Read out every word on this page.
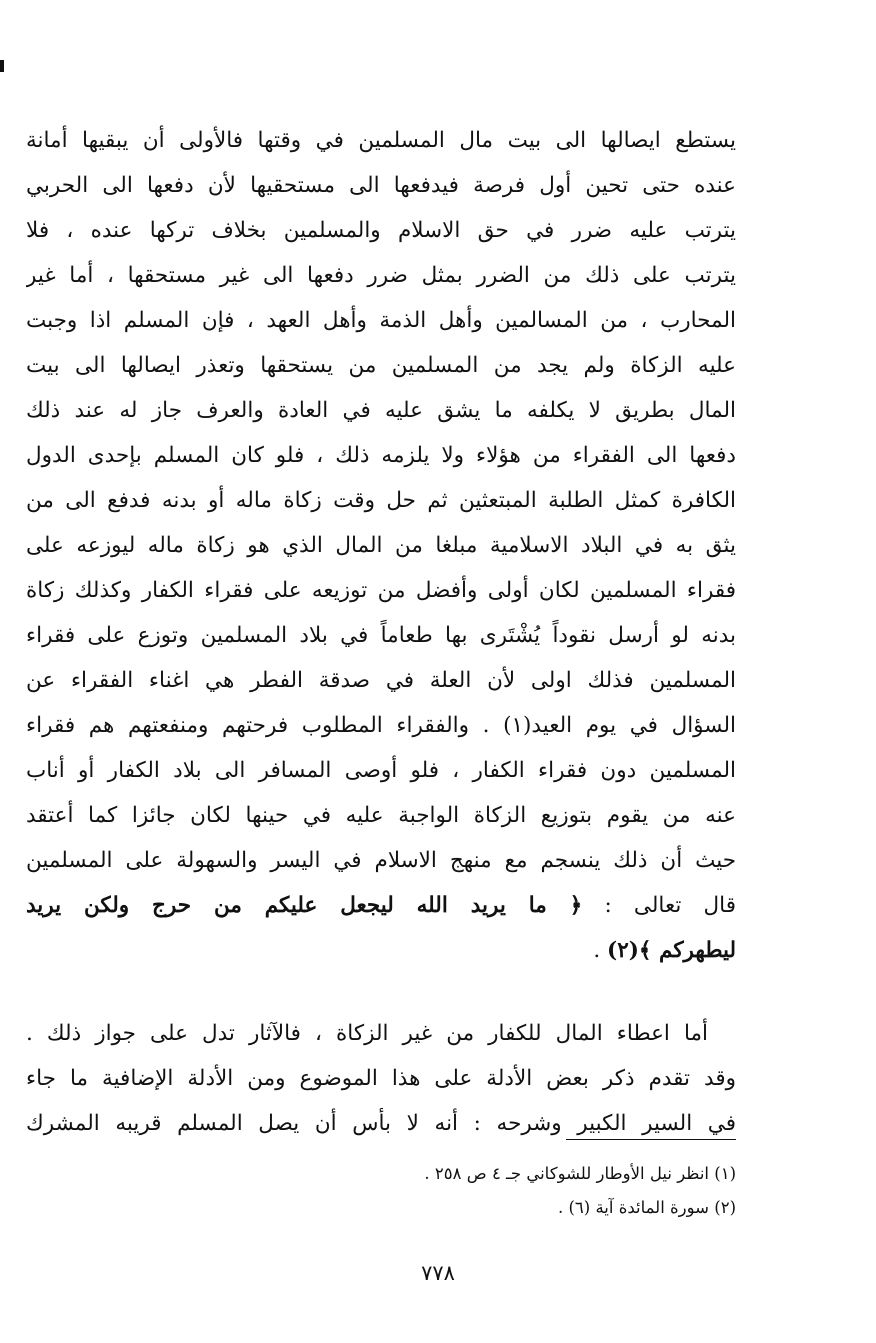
يستطع ايصالها الى بيت مال المسلمين في وقتها فالأولى أن يبقيها أمانة
عنده حتى تحين أول فرصة فيدفعها الى مستحقيها لأن دفعها الى الحربي
يترتب عليه ضرر في حق الاسلام والمسلمين بخلاف تركها عنده ، فلا
يترتب على ذلك من الضرر بمثل ضرر دفعها الى غير مستحقها ، أما غير
المحارب ، من المسالمين وأهل الذمة وأهل العهد ، فإن المسلم اذا وجبت
عليه الزكاة ولم يجد من المسلمين من يستحقها وتعذر ايصالها الى بيت
المال بطريق لا يكلفه ما يشق عليه في العادة والعرف جاز له عند ذلك
دفعها الى الفقراء من هؤلاء ولا يلزمه ذلك ، فلو كان المسلم بإحدى الدول
الكافرة كمثل الطلبة المبتعثين ثم حل وقت زكاة ماله أو بدنه فدفع الى من
يثق به في البلاد الاسلامية مبلغا من المال الذي هو زكاة ماله ليوزعه على
فقراء المسلمين لكان أولى وأفضل من توزيعه على فقراء الكفار وكذلك زكاة
بدنه لو أرسل نقوداً يُشْتَرى بها طعاماً في بلاد المسلمين وتوزع على فقراء
المسلمين فذلك اولى لأن العلة في صدقة الفطر هي اغناء الفقراء عن
السؤال في يوم العيد(١) . والفقراء المطلوب فرحتهم ومنفعتهم هم فقراء
المسلمين دون فقراء الكفار ، فلو أوصى المسافر الى بلاد الكفار أو أناب
عنه من يقوم بتوزيع الزكاة الواجبة عليه في حينها لكان جائزا كما أعتقد
حيث أن ذلك ينسجم مع منهج الاسلام في اليسر والسهولة على المسلمين
قال تعالى : ﴿ ما يريد الله ليجعل عليكم من حرج ولكن يريد
ليطهركم ﴾(٢) .
أما اعطاء المال للكفار من غير الزكاة ، فالآثار تدل على جواز ذلك .
وقد تقدم ذكر بعض الأدلة على هذا الموضوع ومن الأدلة الإضافية ما جاء
في السير الكبير وشرحه : أنه لا بأس أن يصل المسلم قريبه المشرك
(١) انظر نيل الأوطار للشوكاني جـ ٤ ص ٢٥٨ .
(٢) سورة المائدة آية (٦) .
٧٧٨
